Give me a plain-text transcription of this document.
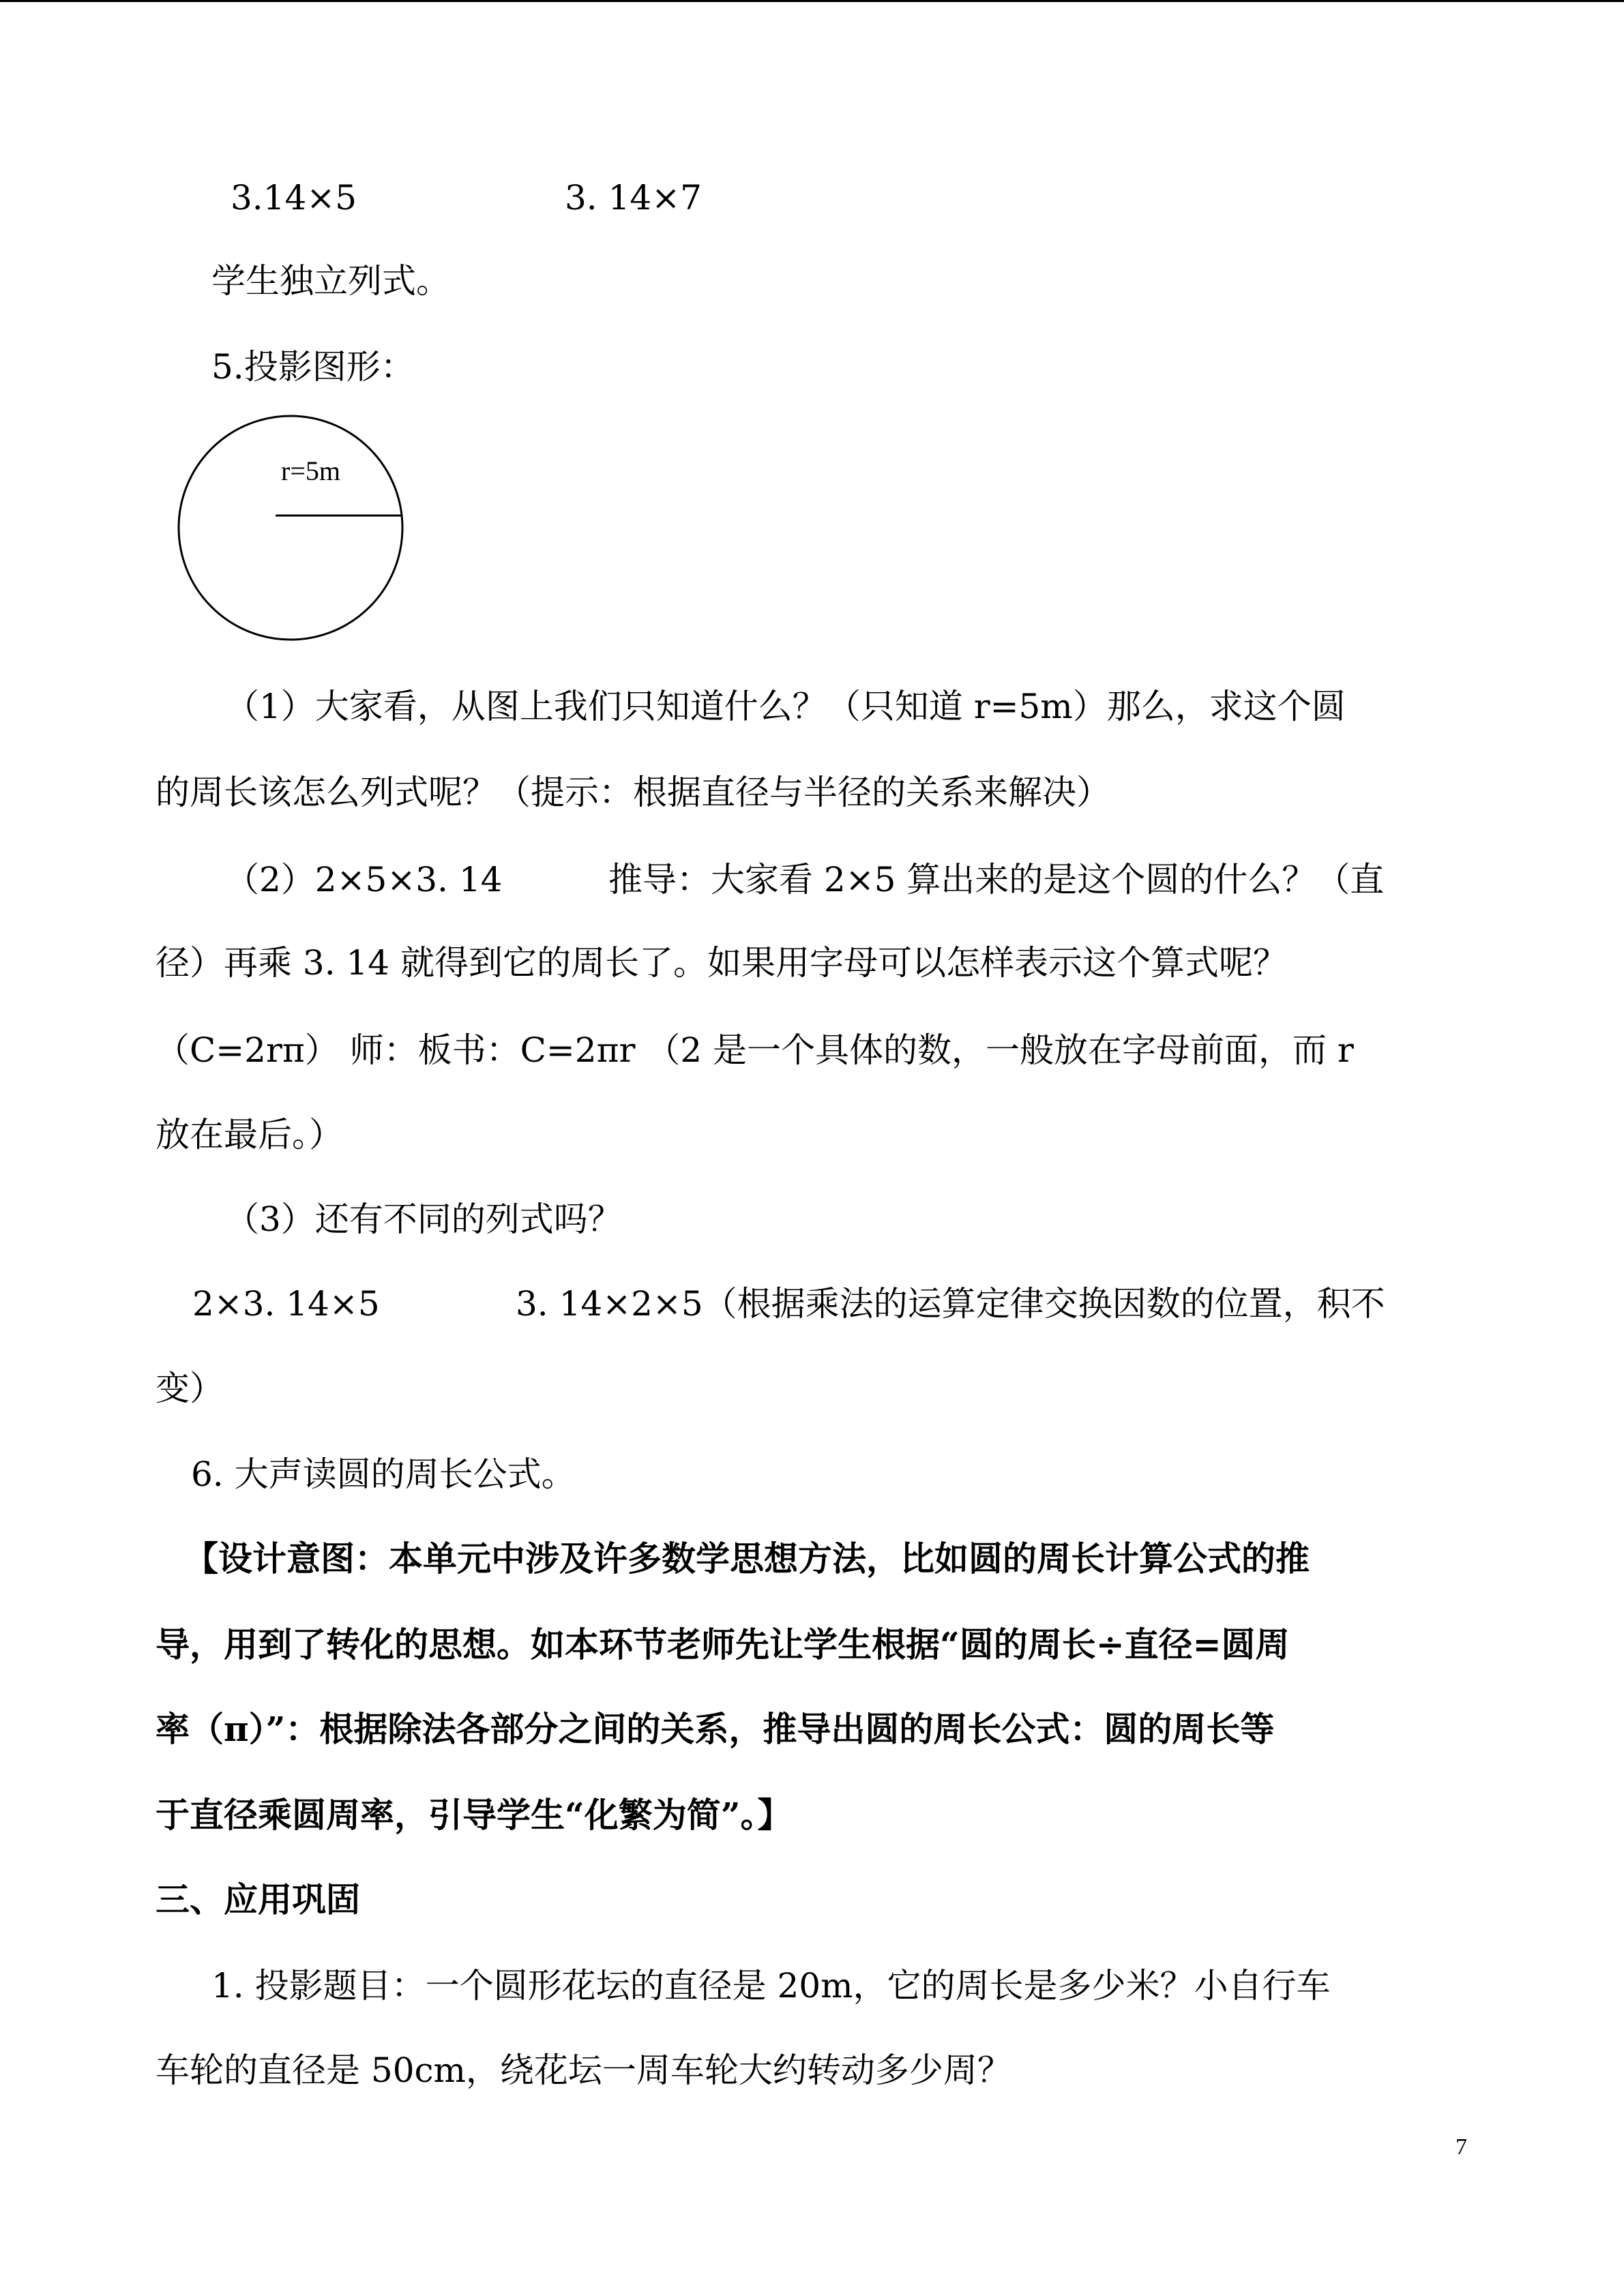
3.14×5	3. 14×7
学生独立列式。
5.投影图形：
r=5m
（1）大家看，从图上我们只知道什么？（只知道 r=5m）那么，求这个圆
的周长该怎么列式呢？（提示：根据直径与半径的关系来解决）
（2）2×5×3. 14	推导：大家看 2×5 算出来的是这个圆的什么？（直
径）再乘 3. 14 就得到它的周长了。如果用字母可以怎样表示这个算式呢？
（C=2rπ） 师：板书：C=2πr （2 是一个具体的数，一般放在字母前面，而 r
放在最后。）
（3）还有不同的列式吗？
2×3. 14×5	3. 14×2×5（根据乘法的运算定律交换因数的位置，积不
变）
6. 大声读圆的周长公式。
【设计意图：本单元中涉及许多数学思想方法，比如圆的周长计算公式的推
导，用到了转化的思想。如本环节老师先让学生根据“圆的周长÷直径=圆周
率（π）”：根据除法各部分之间的关系，推导出圆的周长公式：圆的周长等
于直径乘圆周率，引导学生“化繁为简”。】
三、应用巩固
1. 投影题目：一个圆形花坛的直径是 20m，它的周长是多少米？小自行车
车轮的直径是 50cm，绕花坛一周车轮大约转动多少周？
7
